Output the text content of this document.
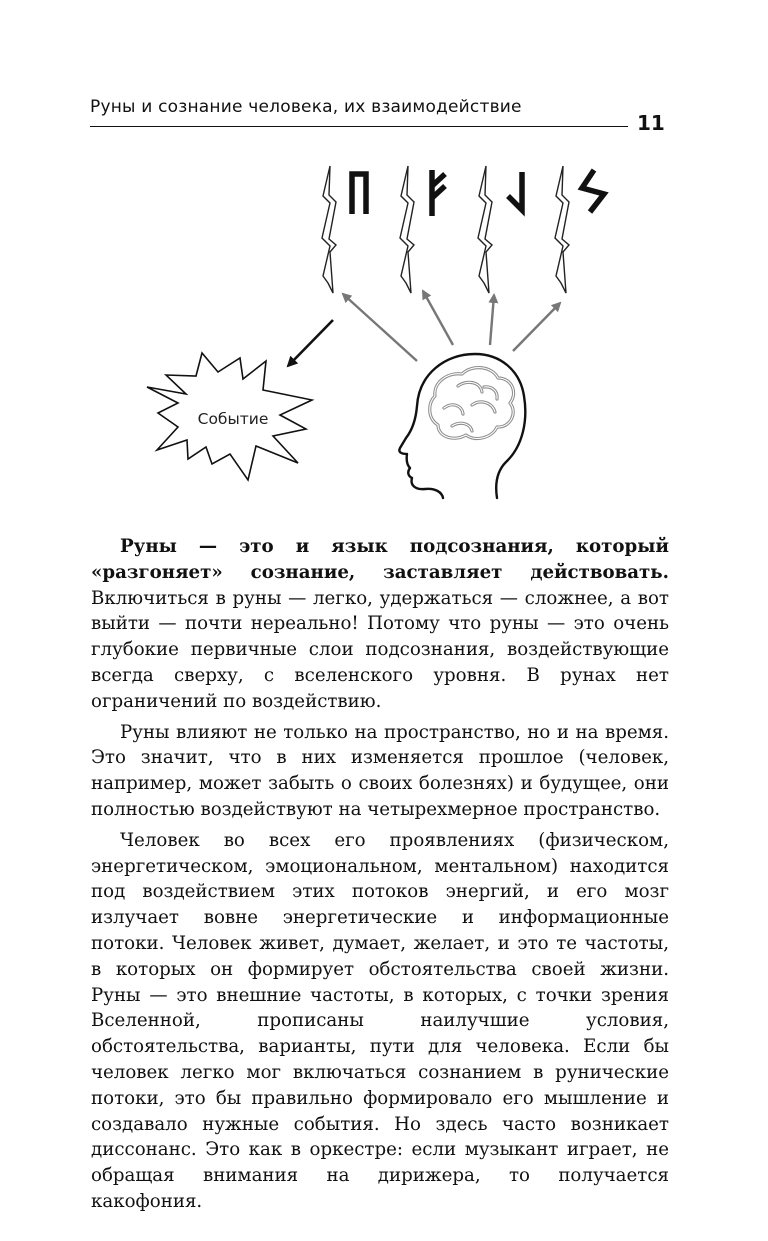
Руны и сознание человека, их взаимодействие
11
Событие

Руны — это и язык подсознания, который «разгоняет» сознание, заставляет действовать. Включиться в руны — легко, удержаться — сложнее, а вот выйти — почти нереально! Потому что руны — это очень глубокие первичные слои подсознания, воздействующие всегда сверху, с вселенского уровня. В рунах нет ограничений по воздействию.

Руны влияют не только на пространство, но и на время. Это значит, что в них изменяется прошлое (человек, например, может забыть о своих болезнях) и будущее, они полностью воздействуют на четырехмерное пространство.

Человек во всех его проявлениях (физическом, энергетическом, эмоциональном, ментальном) находится под воздействием этих потоков энергий, и его мозг излучает вовне энергетические и информационные потоки. Человек живет, думает, желает, и это те частоты, в которых он формирует обстоятельства своей жизни. Руны — это внешние частоты, в которых, с точки зрения Вселенной, прописаны наилучшие условия, обстоятельства, варианты, пути для человека. Если бы человек легко мог включаться сознанием в рунические потоки, это бы правильно формировало его мышление и создавало нужные события. Но здесь часто возникает диссонанс. Это как в оркестре: если музыкант играет, не обращая внимания на дирижера, то получается какофония.
